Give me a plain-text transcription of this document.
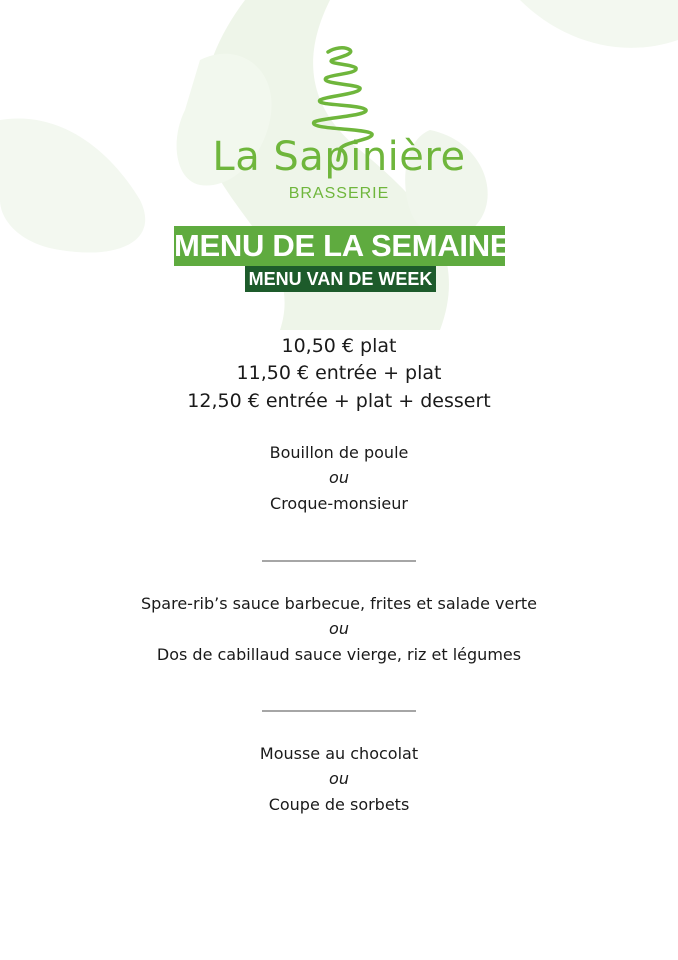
La Sapinière
BRASSERIE
MENU DE LA SEMAINE
MENU VAN DE WEEK
10,50 € plat
11,50 € entrée + plat
12,50 € entrée + plat + dessert
Bouillon de poule
ou
Croque-monsieur
Spare-rib’s sauce barbecue, frites et salade verte
ou
Dos de cabillaud sauce vierge, riz et légumes
Mousse au chocolat
ou
Coupe de sorbets
